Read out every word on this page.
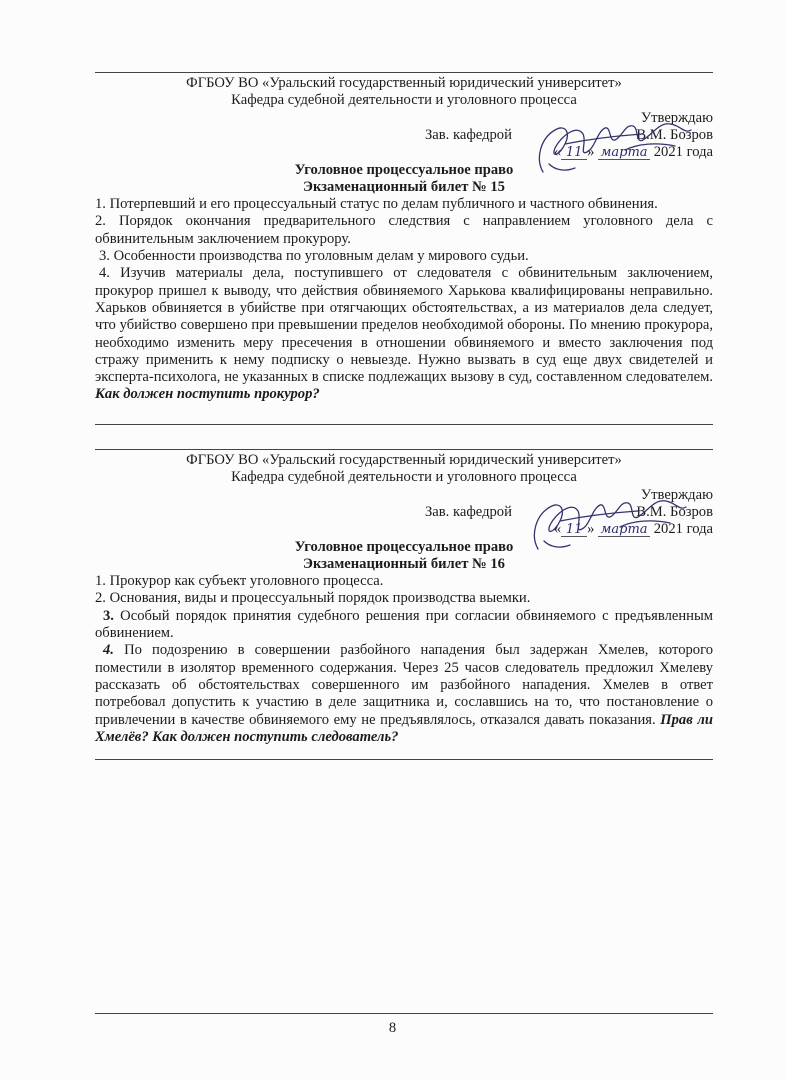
ФГБОУ ВО «Уральский государственный юридический университет»
Кафедра судебной деятельности и уголовного процесса
Утверждаю
Зав. кафедрой	В.М. Бозров
« 11 » марта 2021 года
Уголовное процессуальное право
Экзаменационный билет № 15

1. Потерпевший и его процессуальный статус по делам публичного и частного обвинения.

2. Порядок окончания предварительного следствия с направлением уголовного дела с обвинительным заключением прокурору.

3. Особенности производства по уголовным делам у мирового судьи.

4. Изучив материалы дела, поступившего от следователя с обвинительным заключением, прокурор пришел к выводу, что действия обвиняемого Харькова квалифицированы неправильно. Харьков обвиняется в убийстве при отягчающих обстоятельствах, а из материалов дела следует, что убийство совершено при превышении пределов необходимой обороны. По мнению прокурора, необходимо изменить меру пресечения в отношении обвиняемого и вместо заключения под стражу применить к нему подписку о невыезде. Нужно вызвать в суд еще двух свидетелей и эксперта-психолога, не указанных в списке подлежащих вызову в суд, составленном следователем. Как должен поступить прокурор?

ФГБОУ ВО «Уральский государственный юридический университет»
Кафедра судебной деятельности и уголовного процесса
Утверждаю
Зав. кафедрой	В.М. Бозров
« 11 » марта 2021 года
Уголовное процессуальное право
Экзаменационный билет № 16

1. Прокурор как субъект уголовного процесса.

2. Основания, виды и процессуальный порядок производства выемки.

3. Особый порядок принятия судебного решения при согласии обвиняемого с предъявленным обвинением.

4. По подозрению в совершении разбойного нападения был задержан Хмелев, которого поместили в изолятор временного содержания. Через 25 часов следователь предложил Хмелеву рассказать об обстоятельствах совершенного им разбойного нападения. Хмелев в ответ потребовал допустить к участию в деле защитника и, сославшись на то, что постановление о привлечении в качестве обвиняемого ему не предъявлялось, отказался давать показания. Прав ли Хмелёв? Как должен поступить следователь?

8
